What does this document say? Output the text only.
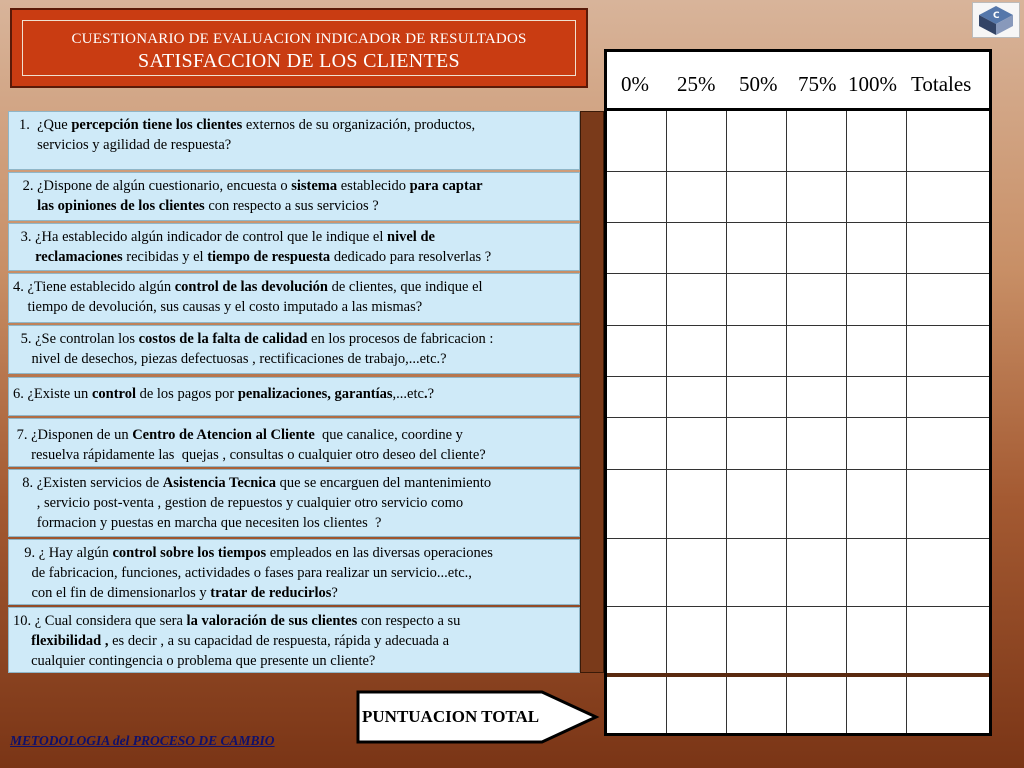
CUESTIONARIO DE EVALUACION INDICADOR DE RESULTADOS
SATISFACCION DE LOS CLIENTES
C

1.  ¿Que percepción tiene los clientes externos de su organización, productos,

servicios y agilidad de respuesta?

2. ¿Dispone de algún cuestionario, encuesta o sistema establecido para captar

las opiniones de los clientes con respecto a sus servicios ?

3. ¿Ha establecido algún indicador de control que le indique el nivel de

reclamaciones recibidas y el tiempo de respuesta dedicado para resolverlas ?

4. ¿Tiene establecido algún control de las devolución de clientes, que indique el

tiempo de devolución, sus causas y el costo imputado a las mismas?

5. ¿Se controlan los costos de la falta de calidad en los procesos de fabricacion :

nivel de desechos, piezas defectuosas , rectificaciones de trabajo,...etc.?

6. ¿Existe un control de los pagos por penalizaciones, garantías,...etc.?

7. ¿Disponen de un Centro de Atencion al Cliente  que canalice, coordine y

resuelva rápidamente las  quejas , consultas o cualquier otro deseo del cliente?

8. ¿Existen servicios de Asistencia Tecnica que se encarguen del mantenimiento

, servicio post-venta , gestion de repuestos y cualquier otro servicio como

formacion y puestas en marcha que necesiten los clientes  ?

9. ¿ Hay algún control sobre los tiempos empleados en las diversas operaciones

de fabricacion, funciones, actividades o fases para realizar un servicio...etc.,

con el fin de dimensionarlos y tratar de reducirlos?

10. ¿ Cual considera que sera la valoración de sus clientes con respecto a su

flexibilidad , es decir , a su capacidad de respuesta, rápida y adecuada a

cualquier contingencia o problema que presente un cliente?

0% 25% 50% 75% 100% Totales
PUNTUACION TOTAL
METODOLOGIA del PROCESO DE CAMBIO
